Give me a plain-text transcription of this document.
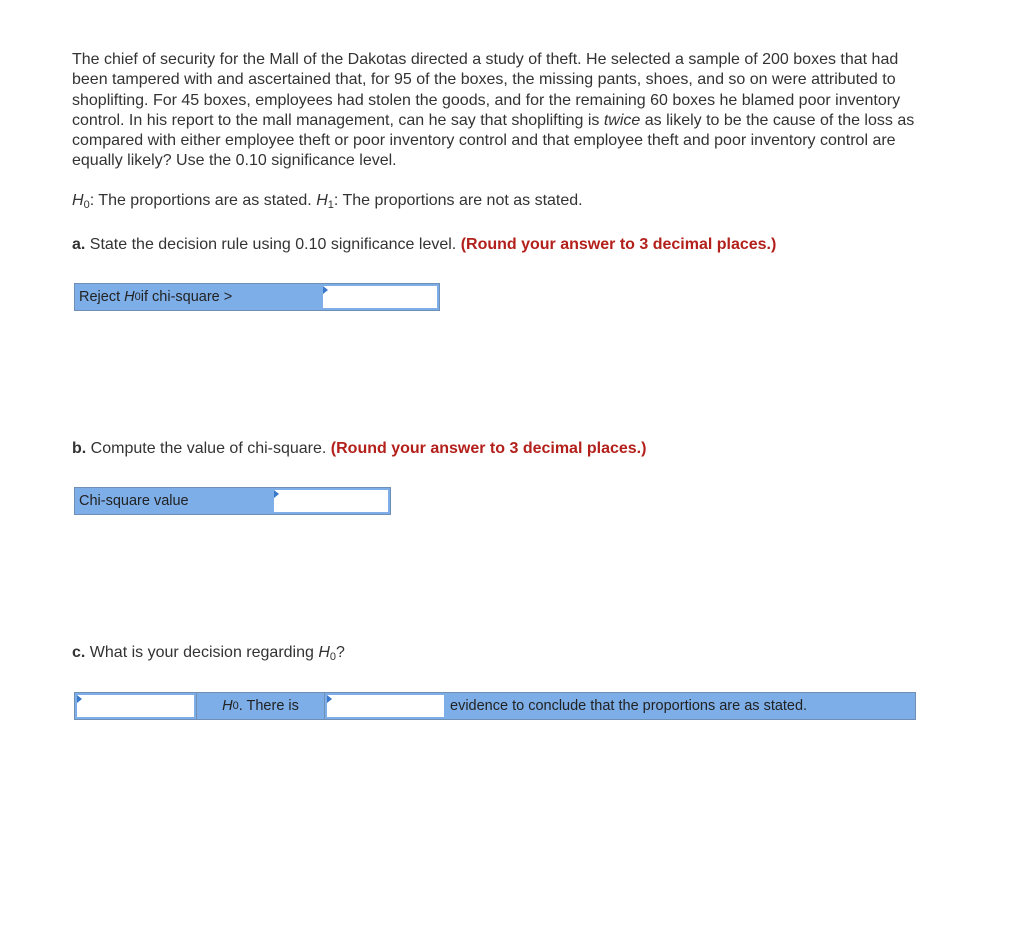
The chief of security for the Mall of the Dakotas directed a study of theft. He selected a sample of 200 boxes that had been tampered with and ascertained that, for 95 of the boxes, the missing pants, shoes, and so on were attributed to shoplifting. For 45 boxes, employees had stolen the goods, and for the remaining 60 boxes he blamed poor inventory control. In his report to the mall management, can he say that shoplifting is twice as likely to be the cause of the loss as compared with either employee theft or poor inventory control and that employee theft and poor inventory control are equally likely? Use the 0.10 significance level.

$H_0$: The proportions are as stated. $H_1$: The proportions are not as stated.

a. State the decision rule using 0.10 significance level. (Round your answer to 3 decimal places.)

Reject
H 0 if chi-square >

b. Compute the value of chi-square. (Round your answer to 3 decimal places.)

Chi-square value

c. What is your decision regarding $H_0$?

H 0 . There is	evidence to conclude that the proportions are as stated.
